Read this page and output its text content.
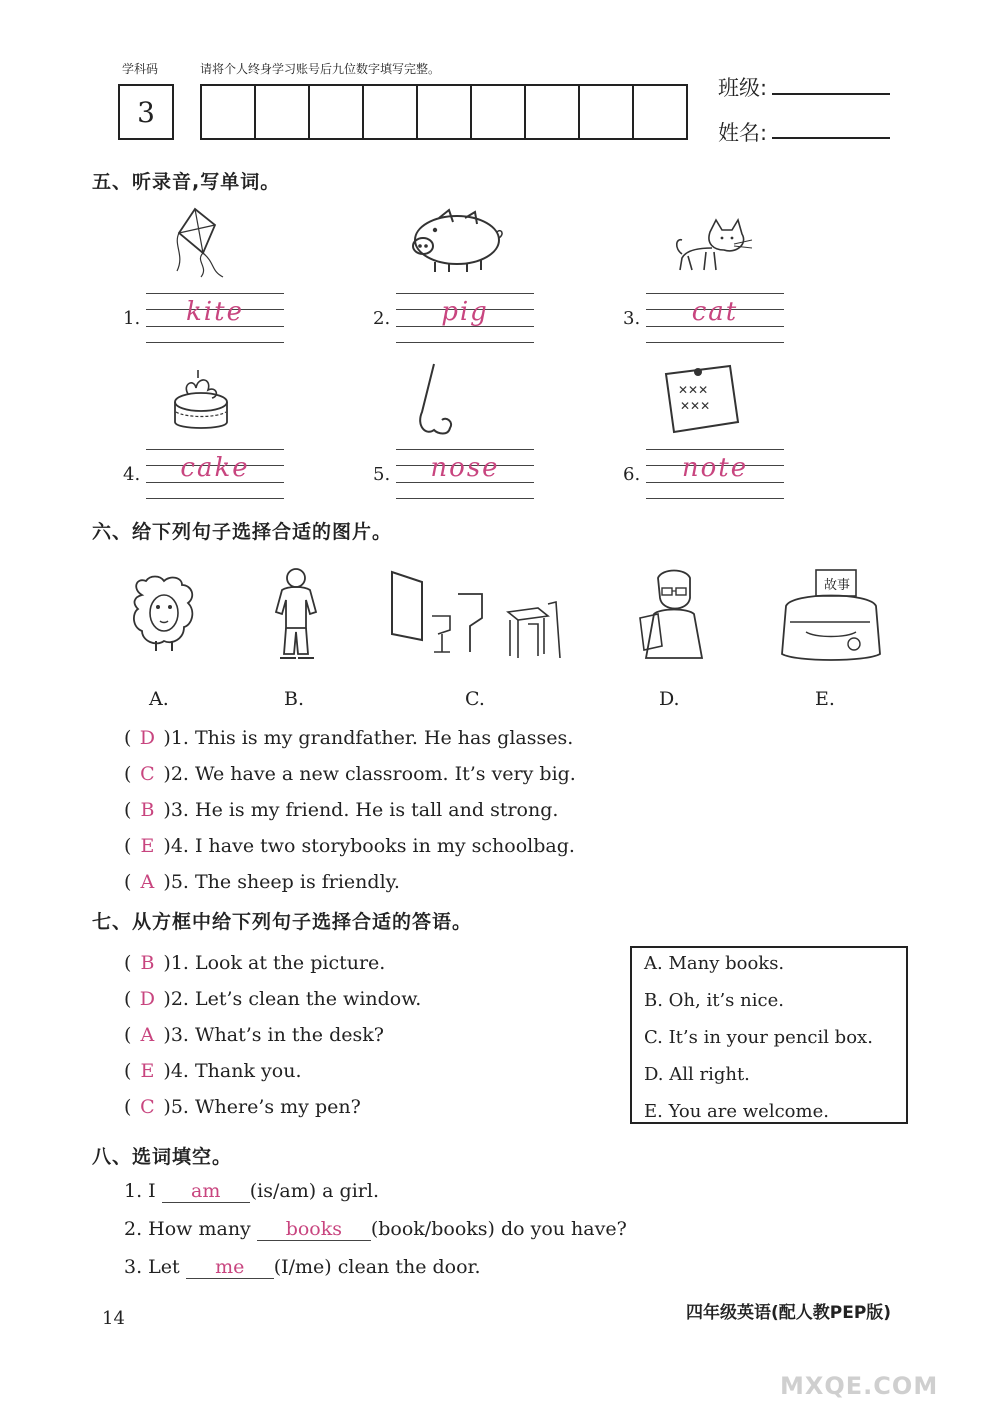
学科码	请将个人终身学习账号后九位数字填写完整。
3
班级:
姓名:
五、听录音,写单词。
1.	kite	2.	pig	3.	cat
✕✕✕
✕✕✕
4.	cake	5.	nose	6.	note
六、给下列句子选择合适的图片。
故事
A.	B.	C.	D.	E.
( D )1. This is my grandfather. He has glasses.
( C )2. We have a new classroom. It’s very big.
( B )3. He is my friend. He is tall and strong.
( E )4. I have two storybooks in my schoolbag.
( A )5. The sheep is friendly.
七、从方框中给下列句子选择合适的答语。
( B )1. Look at the picture.
( D )2. Let’s clean the window.
( A )3. What’s in the desk?
( E )4. Thank you.
( C )5. Where’s my pen?
A. Many books.
B. Oh, it’s nice.
C. It’s in your pencil box.
D. All right.
E. You are welcome.
八、选词填空。
1. I am (is/am) a girl.
2. How many books (book/books) do you have?
3. Let me (I/me) clean the door.
14	四年级英语(配人教PEP版)
MXQE.COM
